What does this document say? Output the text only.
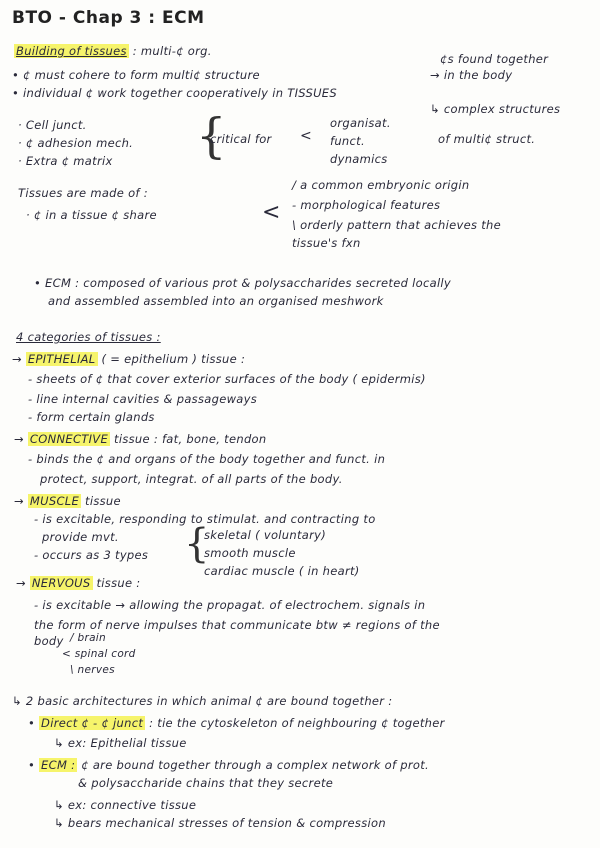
BTO - Chap 3 : ECM
Building of tissues : multi-¢ org.
¢s found together
→ in the body
• ¢ must cohere to form multi¢ structure
• individual ¢ work together cooperatively in TISSUES
↳ complex structures
· Cell junct.
· ¢ adhesion mech.
· Extra ¢ matrix {
critical for <
organisat.
funct.
dynamics
of multi¢ struct.
Tissues are made of :
· ¢ in a tissue ¢ share	<
/ a common embryonic origin
- morphological features
\ orderly pattern that achieves the
tissue's fxn
• ECM : composed of various prot & polysaccharides secreted locally
and assembled assembled into an organised meshwork
4 categories of tissues :
→ EPITHELIAL ( = epithelium ) tissue :
- sheets of ¢ that cover exterior surfaces of the body ( epidermis)
- line internal cavities & passageways
- form certain glands
→ CONNECTIVE tissue : fat, bone, tendon
- binds the ¢ and organs of the body together and funct. in
protect, support, integrat. of all parts of the body.
→ MUSCLE tissue
- is excitable, responding to stimulat. and contracting to
provide mvt.
- occurs as 3 types {
skeletal ( voluntary)
smooth muscle
cardiac muscle ( in heart)
→ NERVOUS tissue :
- is excitable → allowing the propagat. of electrochem. signals in
the form of nerve impulses that communicate btw ≠ regions of the
body / brain
< spinal cord
\ nerves
↳ 2 basic architectures in which animal ¢ are bound together :
• Direct ¢ - ¢ junct : tie the cytoskeleton of neighbouring ¢ together
↳ ex: Epithelial tissue
• ECM : ¢ are bound together through a complex network of prot.
& polysaccharide chains that they secrete
↳ ex: connective tissue
↳ bears mechanical stresses of tension & compression
